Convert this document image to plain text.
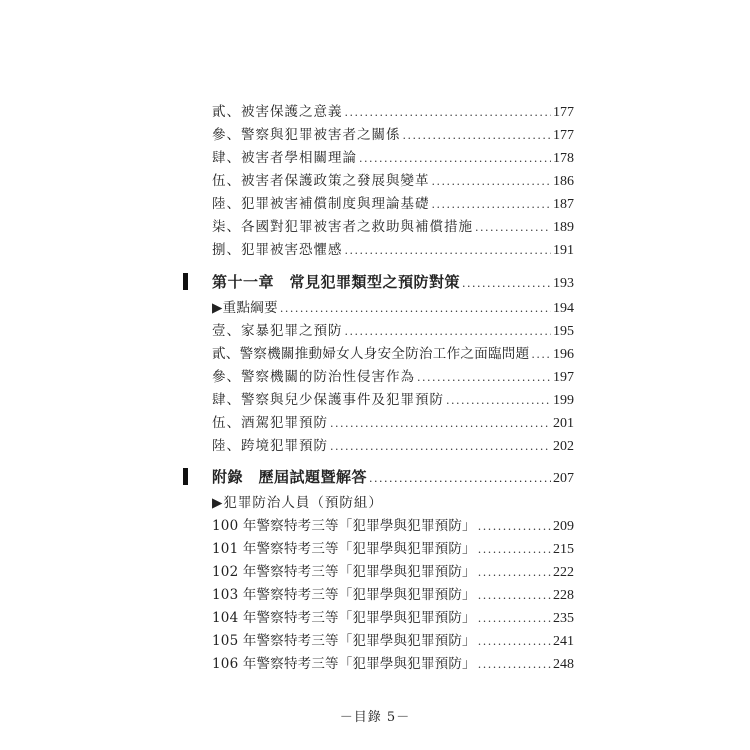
貳、被害保護之意義 .....	177
參、警察與犯罪被害者之關係 .....	177
肆、被害者學相關理論 .....	178
伍、被害者保護政策之發展與變革 .....	186
陸、犯罪被害補償制度與理論基礎 .....	187
柒、各國對犯罪被害者之救助與補償措施 .....	189
捌、犯罪被害恐懼感 .....	191
第十一章　常見犯罪類型之預防對策 .....	193
▶重點綱要 .....	194
壹、家暴犯罪之預防 .....	195
貳、警察機關推動婦女人身安全防治工作之面臨問題 ..... 196
參、警察機關的防治性侵害作為 .....	197
肆、警察與兒少保護事件及犯罪預防 .....	199
伍、酒駕犯罪預防 .....	201
陸、跨境犯罪預防 .....	202
附錄　歷屆試題暨解答 .....	207
▶犯罪防治人員（預防組）
100 年警察特考三等「犯罪學與犯罪預防」 .....	209
101 年警察特考三等「犯罪學與犯罪預防」 .....	215
102 年警察特考三等「犯罪學與犯罪預防」 .....	222
103 年警察特考三等「犯罪學與犯罪預防」 .....	228
104 年警察特考三等「犯罪學與犯罪預防」 .....	235
105 年警察特考三等「犯罪學與犯罪預防」 .....	241
106 年警察特考三等「犯罪學與犯罪預防」 .....	248
－目錄 5－
